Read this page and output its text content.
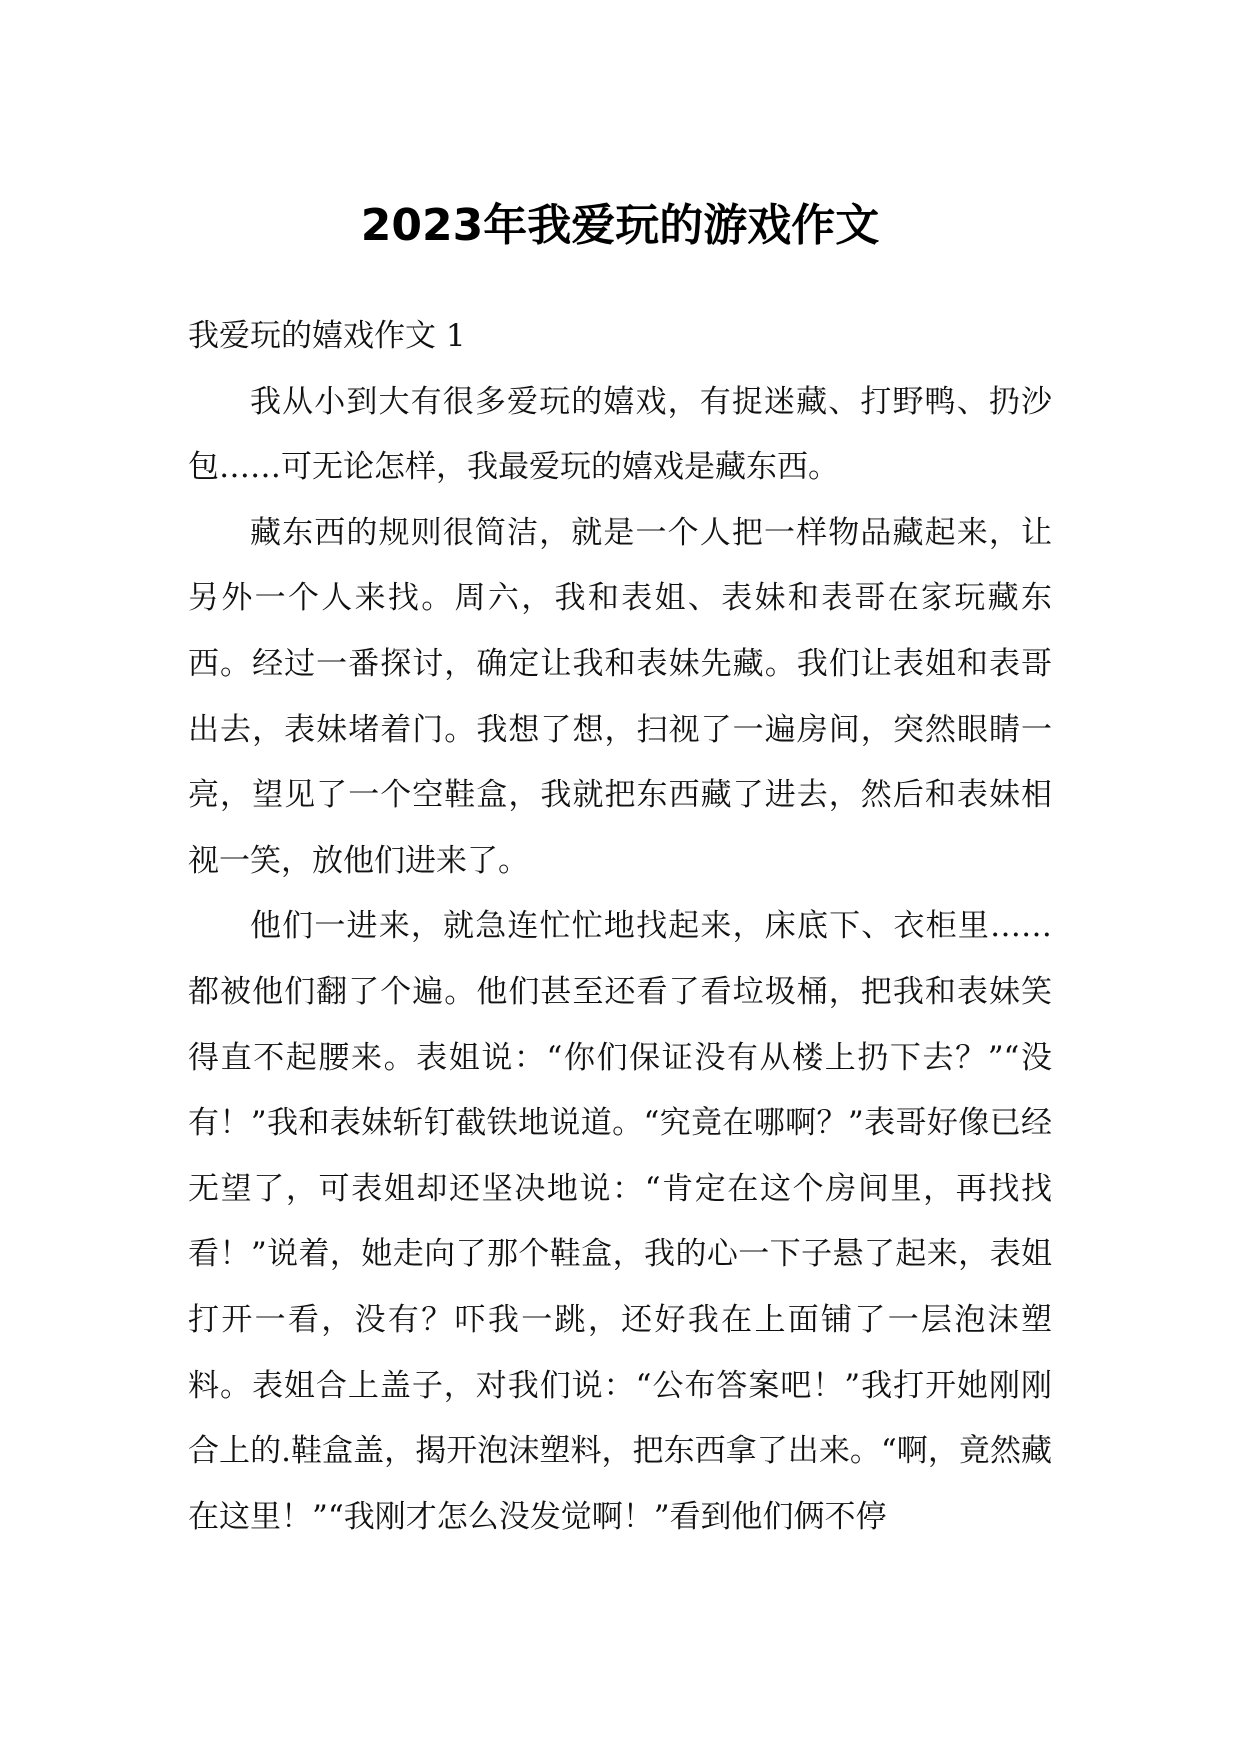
2023年我爱玩的游戏作文

我爱玩的嬉戏作文 1

我从小到大有很多爱玩的嬉戏，有捉迷藏、打野鸭、扔沙包……可无论怎样，我最爱玩的嬉戏是藏东西。

藏东西的规则很简洁，就是一个人把一样物品藏起来，让另外一个人来找。周六，我和表姐、表妹和表哥在家玩藏东西。经过一番探讨，确定让我和表妹先藏。我们让表姐和表哥出去，表妹堵着门。我想了想，扫视了一遍房间，突然眼睛一亮，望见了一个空鞋盒，我就把东西藏了进去，然后和表妹相视一笑，放他们进来了。

他们一进来，就急连忙忙地找起来，床底下、衣柜里……都被他们翻了个遍。他们甚至还看了看垃圾桶，把我和表妹笑得直不起腰来。表姐说：“你们保证没有从楼上扔下去？”“没有！”我和表妹斩钉截铁地说道。“究竟在哪啊？”表哥好像已经无望了，可表姐却还坚决地说：“肯定在这个房间里，再找找看！”说着，她走向了那个鞋盒，我的心一下子悬了起来，表姐打开一看，没有？吓我一跳，还好我在上面铺了一层泡沫塑料。表姐合上盖子，对我们说：“公布答案吧！”我打开她刚刚合上的.鞋盒盖，揭开泡沫塑料，把东西拿了出来。“啊，竟然藏在这里！”“我刚才怎么没发觉啊！”看到他们俩不停
